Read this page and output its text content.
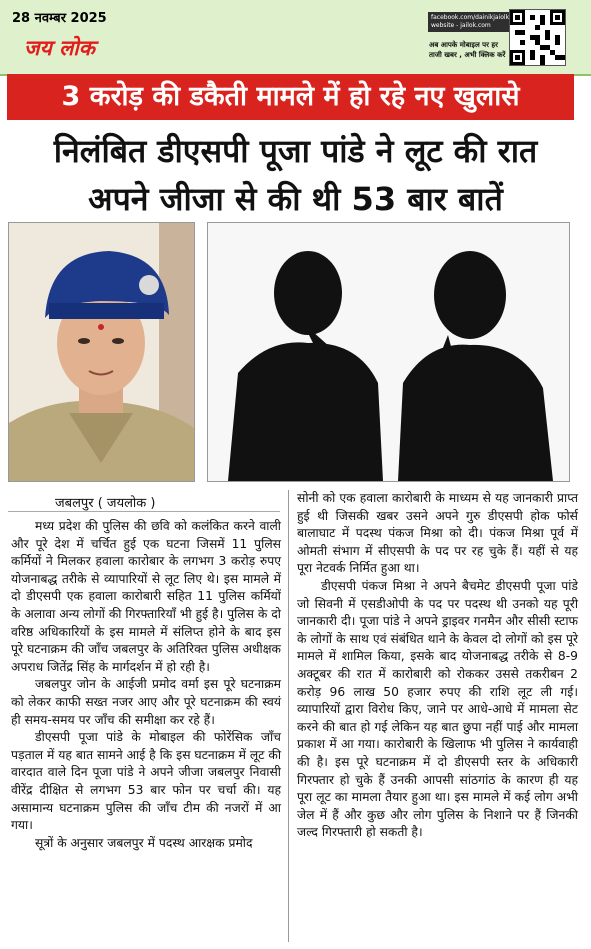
28 नवम्बर 2025
जय लोक
facebook.com/dainikjaiolk
website - jailok.com
अब आपके मोबाइल पर हर
ताजी खबर , अभी क्लिक करें
3 करोड़ की डकैती मामले में हो रहे नए खुलासे
निलंबित डीएसपी पूजा पांडे ने लूट की रात
अपने जीजा से की थी 53 बार बातें
जबलपुर ( जयलोक )

मध्य प्रदेश की पुलिस की छवि को कलंकित करने वाली और पूरे देश में चर्चित हुई एक घटना जिसमें 11 पुलिस कर्मियों ने मिलकर हवाला कारोबार के लगभग 3 करोड़ रुपए योजनाबद्ध तरीके से व्यापारियों से लूट लिए थे। इस मामले में दो डीएसपी एक हवाला कारोबारी सहित 11 पुलिस कर्मियों के अलावा अन्य लोगों की गिरफ्तारियाँ भी हुई है। पुलिस के दो वरिष्ठ अधिकारियों के इस मामले में संलिप्त होने के बाद इस पूरे घटनाक्रम की जाँच जबलपुर के अतिरिक्त पुलिस अधीक्षक अपराध जितेंद्र सिंह के मार्गदर्शन में हो रही है।

जबलपुर जोन के आईजी प्रमोद वर्मा इस पूरे घटनाक्रम को लेकर काफी सख्त नजर आए और पूरे घटनाक्रम की स्वयं ही समय-समय पर जाँच की समीक्षा कर रहे हैं।

डीएसपी पूजा पांडे के मोबाइल की फोरेंसिक जाँच पड़ताल में यह बात सामने आई है कि इस घटनाक्रम में लूट की वारदात वाले दिन पूजा पांडे ने अपने जीजा जबलपुर निवासी वीरेंद्र दीक्षित से लगभग 53 बार फोन पर चर्चा की। यह असामान्य घटनाक्रम पुलिस की जाँच टीम की नजरों में आ गया।

सूत्रों के अनुसार जबलपुर में पदस्थ आरक्षक प्रमोद

सोनी को एक हवाला कारोबारी के माध्यम से यह जानकारी प्राप्त हुई थी जिसकी खबर उसने अपने गुरु डीएसपी होक फोर्स बालाघाट में पदस्थ पंकज मिश्रा को दी। पंकज मिश्रा पूर्व में ओमती संभाग में सीएसपी के पद पर रह चुके हैं। यहीं से यह पूरा नेटवर्क निर्मित हुआ था।

डीएसपी पंकज मिश्रा ने अपने बैचमेट डीएसपी पूजा पांडे जो सिवनी में एसडीओपी के पद पर पदस्थ थी उनको यह पूरी जानकारी दी। पूजा पांडे ने अपने ड्राइवर गनमैन और सीसी स्टाफ के लोगों के साथ एवं संबंधित थाने के केवल दो लोगों को इस पूरे मामले में शामिल किया, इसके बाद योजनाबद्ध तरीके से 8-9 अक्टूबर की रात में कारोबारी को रोककर उससे तकरीबन 2 करोड़ 96 लाख 50 हजार रुपए की राशि लूट ली गई। व्यापारियों द्वारा विरोध किए, जाने पर आधे-आधे में मामला सेट करने की बात हो गई लेकिन यह बात छुपा नहीं पाई और मामला प्रकाश में आ गया। कारोबारी के खिलाफ भी पुलिस ने कार्यवाही की है। इस पूरे घटनाक्रम में दो डीएसपी स्तर के अधिकारी गिरफ्तार हो चुके हैं उनकी आपसी सांठगांठ के कारण ही यह पूरा लूट का मामला तैयार हुआ था। इस मामले में कई लोग अभी जेल में हैं और कुछ और लोग पुलिस के निशाने पर हैं जिनकी जल्द गिरफ्तारी हो सकती है।
